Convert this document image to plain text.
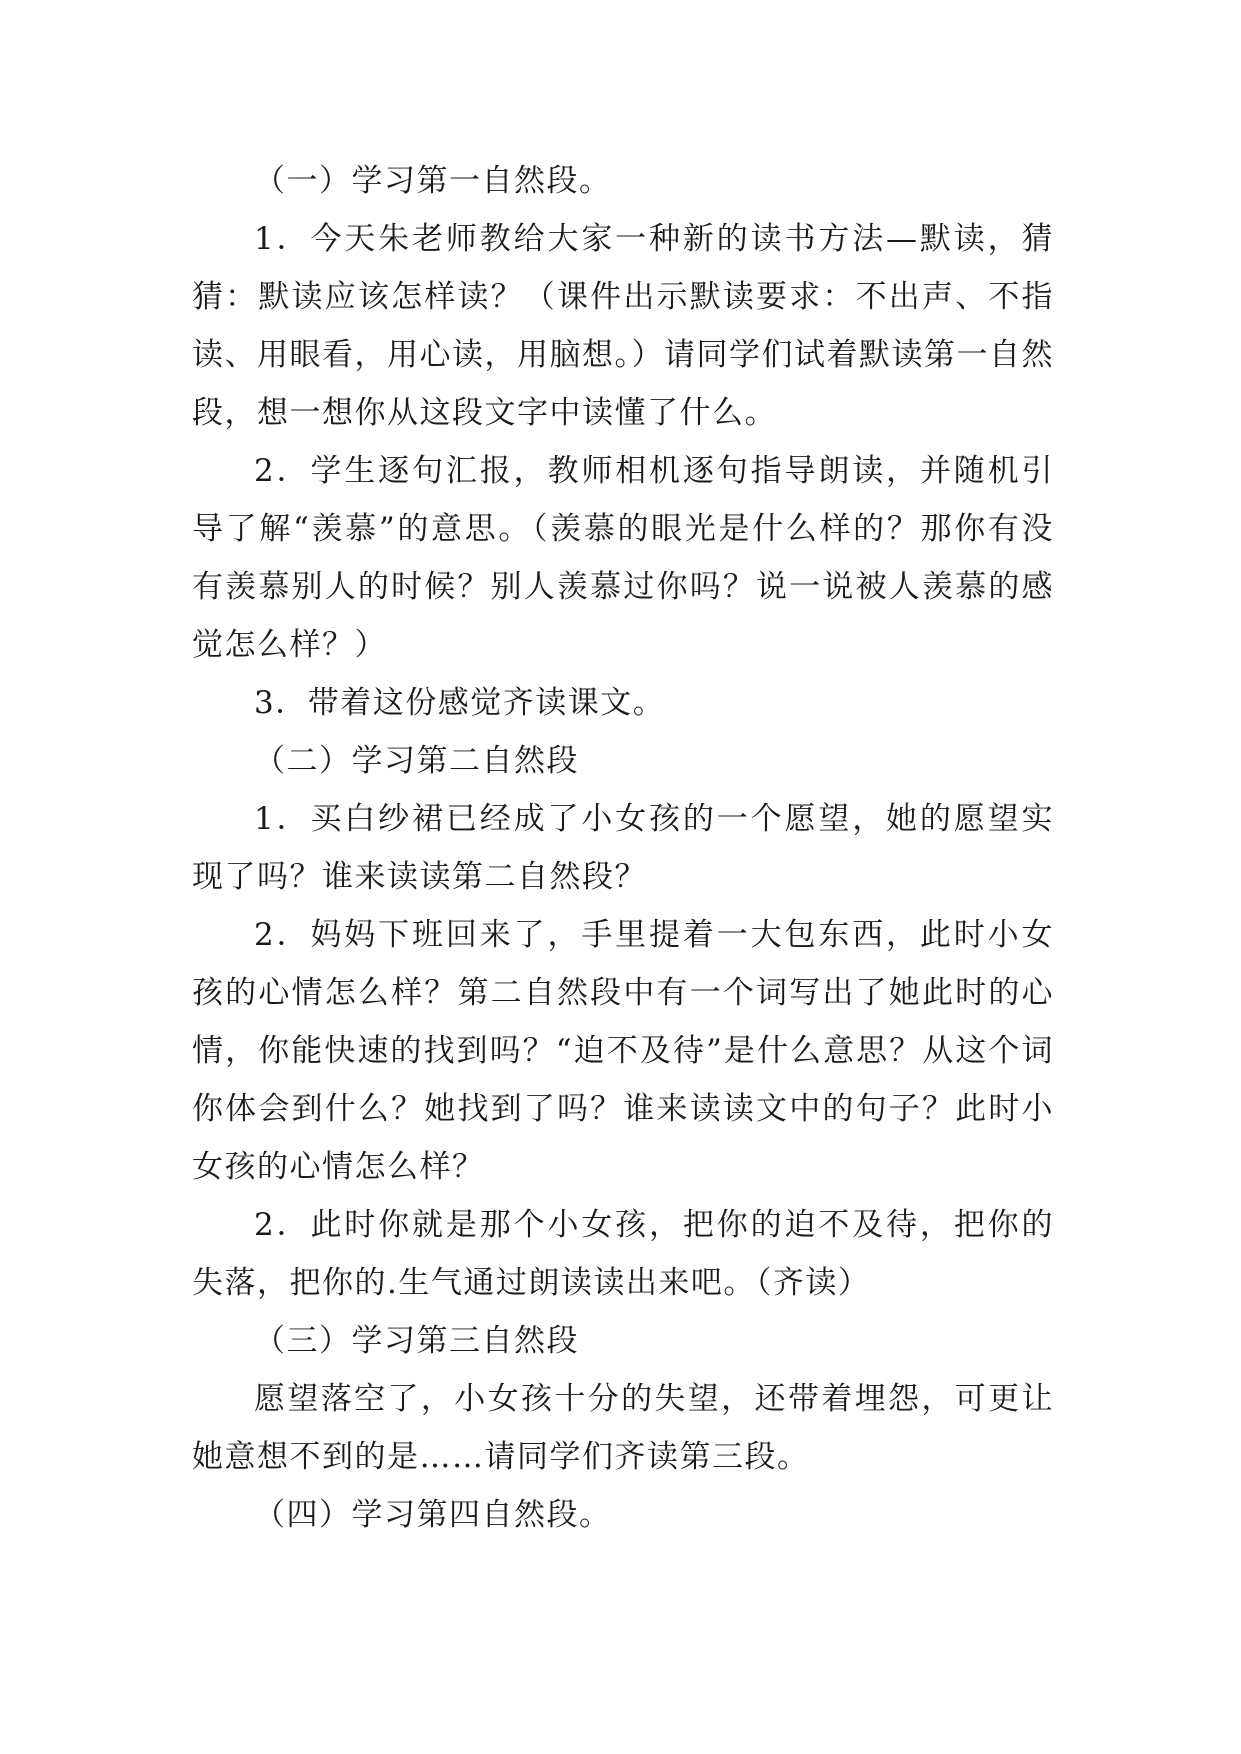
（一）学习第一自然段。

1．今天朱老师教给大家一种新的读书方法—默读，猜猜：默读应该怎样读？（课件出示默读要求：不出声、不指读、用眼看，用心读，用脑想。）请同学们试着默读第一自然段，想一想你从这段文字中读懂了什么。

2．学生逐句汇报，教师相机逐句指导朗读，并随机引导了解“羡慕”的意思。（羡慕的眼光是什么样的？那你有没有羡慕别人的时候？别人羡慕过你吗？说一说被人羡慕的感觉怎么样？）

3．带着这份感觉齐读课文。

（二）学习第二自然段

1．买白纱裙已经成了小女孩的一个愿望，她的愿望实现了吗？谁来读读第二自然段？

2．妈妈下班回来了，手里提着一大包东西，此时小女孩的心情怎么样？第二自然段中有一个词写出了她此时的心情，你能快速的找到吗？“迫不及待”是什么意思？从这个词你体会到什么？她找到了吗？谁来读读文中的句子？此时小女孩的心情怎么样？

2．此时你就是那个小女孩，把你的迫不及待，把你的失落，把你的.生气通过朗读读出来吧。（齐读）

（三）学习第三自然段

愿望落空了，小女孩十分的失望，还带着埋怨，可更让她意想不到的是……请同学们齐读第三段。

（四）学习第四自然段。
